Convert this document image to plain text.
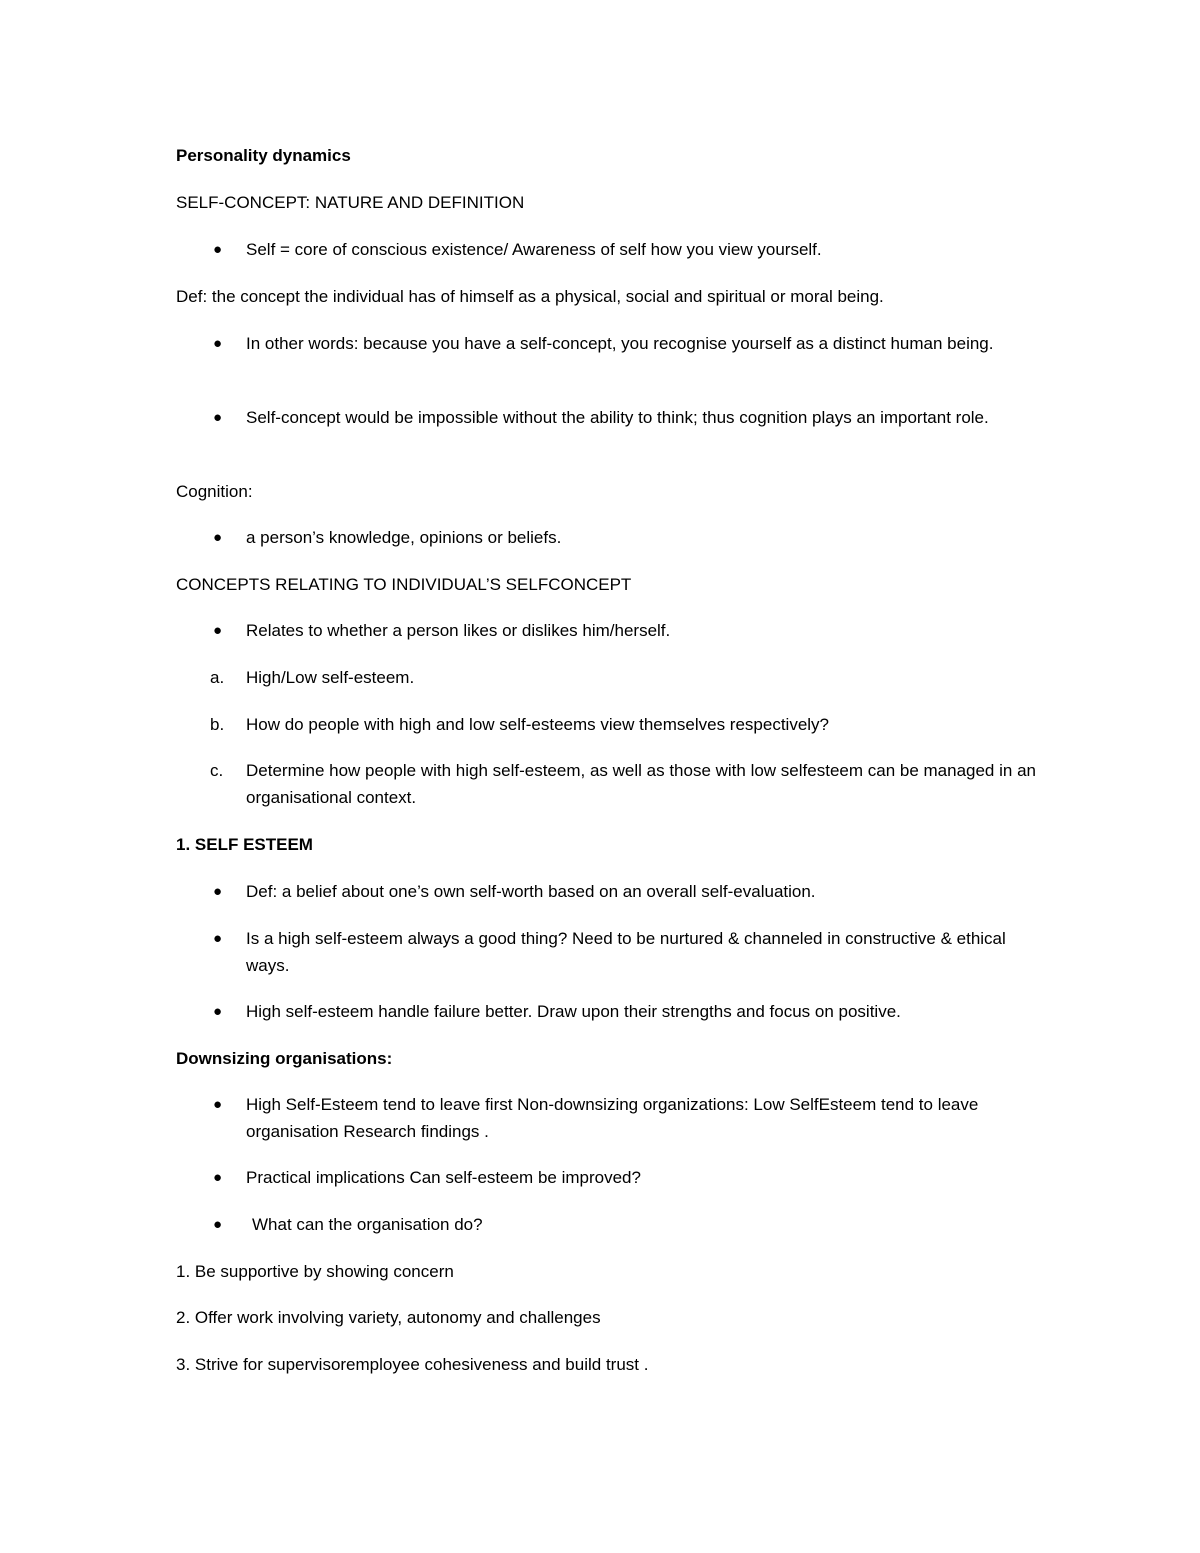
Personality dynamics
SELF-CONCEPT: NATURE AND DEFINITION
● Self = core of conscious existence/ Awareness of self how you view yourself.
Def: the concept the individual has of himself as a physical, social and spiritual or moral being.
● In other words: because you have a self-concept, you recognise yourself as a distinct human being.
● Self-concept would be impossible without the ability to think; thus cognition plays an important role.
Cognition:
● a person’s knowledge, opinions or beliefs.
CONCEPTS RELATING TO INDIVIDUAL’S SELFCONCEPT
● Relates to whether a person likes or dislikes him/herself.
a. High/Low self-esteem.
b. How do people with high and low self-esteems view themselves respectively?
c. Determine how people with high self-esteem, as well as those with low selfesteem can be managed in an organisational context.
1. SELF ESTEEM
● Def: a belief about one’s own self-worth based on an overall self-evaluation.
● Is a high self-esteem always a good thing? Need to be nurtured & channeled in constructive & ethical ways.
● High self-esteem handle failure better. Draw upon their strengths and focus on positive.
Downsizing organisations:
● High Self-Esteem tend to leave first Non-downsizing organizations: Low SelfEsteem tend to leave organisation Research findings .
● Practical implications Can self-esteem be improved?
● What can the organisation do?
1. Be supportive by showing concern
2. Offer work involving variety, autonomy and challenges
3. Strive for supervisoremployee cohesiveness and build trust .
